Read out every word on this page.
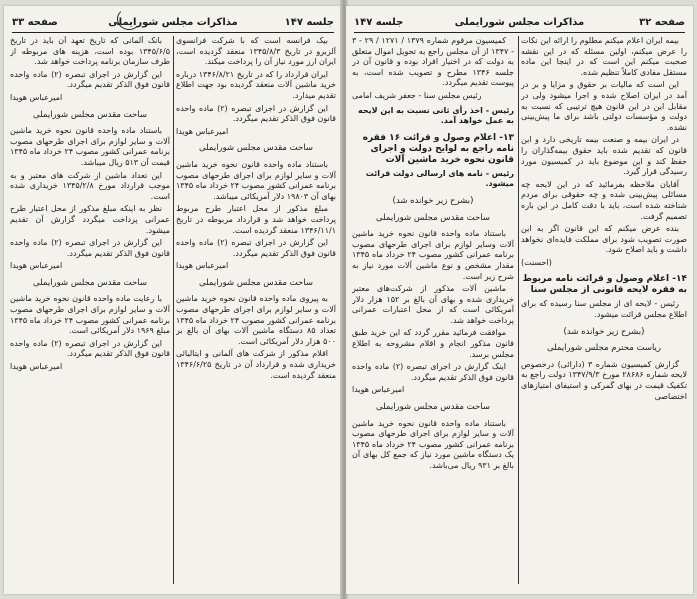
جلسه ۱۴۷
مذاکرات مجلس شورایملی
صفحه ۳۳

بیک فرانسه است که با شرکت فرانسوی آلزبرو در تاریخ ۱۳۴۵/۸/۳ منعقد گردیده است، ایران ارز مورد نیاز آن را پرداخت میکند.

ایران قرارداد را که در تاریخ ۱۳۴۶/۸/۲۱ درباره خرید ماشین آلات منعقد گردیده بود جهت اطلاع تقدیم میدارد.

این گزارش در اجرای تبصره (۲) ماده واحده قانون فوق الذکر تقدیم میگردد.

امیرعباس هویدا

ساحت مقدس مجلس شورایملی

باستناد ماده واحده قانون نحوه خرید ماشین آلات و سایر لوازم برای اجرای طرحهای مصوب برنامه عمرانی کشور مصوب ۲۴ خرداد ماه ۱۳۴۵ بهای آن ۱۹۸۰۳ دلار آمریکائی میباشد.

مبلغ مذکور از محل اعتبار طرح مربوط پرداخت خواهد شد و قرارداد مربوطه در تاریخ ۱۳۴۶/۱۱/۱ منعقد گردیده است.

این گزارش در اجرای تبصره (۲) ماده واحده قانون فوق الذکر تقدیم میگردد.

امیرعباس هویدا

ساحت مقدس مجلس شورایملی

به پیروی ماده واحده قانون نحوه خرید ماشین آلات و سایر لوازم برای اجرای طرحهای مصوب برنامه عمرانی کشور مصوب ۲۴ خرداد ماه ۱۳۴۵ تعداد ۸۵ دستگاه ماشین آلات بهای آن بالغ بر ۵۰۰ هزار دلار آمریکائی است.

اقلام مذکور از شرکت های آلمانی و ایتالیائی خریداری شده و قرارداد آن در تاریخ ۱۳۴۶/۶/۲۵ منعقد گردیده است.

بانک آلمانی که تاریخ تعهد آن باید در تاریخ ۱۳۴۵/۶/۵ بوده است، هزینه های مربوطه از طرف سازمان برنامه پرداخت خواهد شد.

این گزارش در اجرای تبصره (۲) ماده واحده قانون فوق الذکر تقدیم میگردد.

امیرعباس هویدا

ساحت مقدس مجلس شورایملی

باستناد ماده واحده قانون نحوه خرید ماشین آلات و سایر لوازم برای اجرای طرحهای مصوب برنامه عمرانی کشور مصوب ۲۴ خرداد ماه ۱۳۴۵ قیمت آن ۵۱۳ ریال میباشد.

این تعداد ماشین از شرکت های معتبر و به موجب قرارداد مورخ ۱۳۴۵/۲/۸ خریداری شده است.

نظر به اینکه مبلغ مذکور از محل اعتبار طرح عمرانی پرداخت میگردد گزارش آن تقدیم میشود.

این گزارش در اجرای تبصره (۲) ماده واحده قانون فوق الذکر تقدیم میگردد.

امیرعباس هویدا

ساحت مقدس مجلس شورایملی

با رعایت ماده واحده قانون نحوه خرید ماشین آلات و سایر لوازم برای اجرای طرحهای مصوب برنامه عمرانی کشور مصوب ۲۴ خرداد ماه ۱۳۴۵ مبلغ ۱۹۶۹ دلار آمریکائی است.

این گزارش در اجرای تبصره (۲) ماده واحده قانون فوق الذکر تقدیم میگردد.

امیرعباس هویدا

صفحه ۳۲
مذاکرات مجلس شورایملی
جلسه ۱۴۷

بیمه ایران اعلام میکنم مطلوم را ارائه این نکات را عرض میکنم، اولین مسئله که در این نقشه صحبت میکنم این است که در اینجا این ماده مستقل مفادی کاملاً تنظیم شده.

این است که مالیات بر حقوق و مزایا و بر در آمد در ایران اصلاح شده و اجرا میشود ولی در مقابل این در این قانون هیچ ترتیبی که نسبت به دولت و مؤسسات دولتی باشد برای ما پیش‌بینی نشده.

در ایران بیمه و صنعت بیمه تاریخی دارد و این قانون که تقدیم شده باید حقوق بیمه‌گذاران را حفظ کند و این موضوع باید در کمیسیون مورد رسیدگی قرار گیرد.

آقایان ملاحظه بفرمائید که در این لایحه چه مسائلی پیش‌بینی شده و چه حقوقی برای مردم شناخته شده است، باید با دقت کامل در این باره تصمیم گرفت.

بنده عرض میکنم که این قانون اگر به این صورت تصویب شود برای مملکت فایده‌ای نخواهد داشت و باید اصلاح شود.

(احسنت)

۱۴- اعلام وصول و قرائت نامه مربوط به فقره لایحه قانونی از مجلس سنا

رئیس - لایحه ای از مجلس سنا رسیده که برای اطلاع مجلس قرائت میشود.

(بشرح زیر خوانده شد)

ریاست محترم مجلس شورایملی

گزارش کمیسیون شماره ۳ (دارائی) درخصوص لایحه شماره ۲۸۶۸۶ مورخ ۱۳۴۷/۹/۳ دولت راجع به تکفیک قیمت در بهای گمرکی و استیفای امتیازهای اختصاصی

کمیسیون مرقوم شماره ۱۳۷۹ / ۱۲۷۱ / ۲۹ - ۳ - ۱۳۴۷ از آن مجلس راجع به تحویل اموال متعلق به دولت که در اختیار افراد بوده و قانون آن در جلسه ۱۳۴۶ مطرح و تصویب شده است، به پیوست تقدیم میگردد.

رئیس مجلس سنا - جعفر شریف امامی

رئیس - اخذ رأی ثانی نسبت به این لایحه به عمل خواهد آمد.

۱۳- اعلام وصول و قرائت ۱۶ فقره نامه راجع به لوایح دولت و اجرای قانون نحوه خرید ماشین آلات

رئیس - نامه های ارسالی دولت قرائت میشود.

(بشرح زیر خوانده شد)

ساحت مقدس مجلس شورایملی

باستناد ماده واحده قانون نحوه خرید ماشین آلات وسایر لوازم برای اجرای طرحهای مصوب برنامه عمرانی کشور مصوب ۲۴ خرداد ماه ۱۳۴۵ مقدار مشخص و نوع ماشین آلات مورد نیاز به شرح زیر است.

ماشین آلات مذکور از شرکت‌های معتبر خریداری شده و بهای آن بالغ بر ۱۵۲ هزار دلار آمریکائی است که از محل اعتبارات عمرانی پرداخت خواهد شد.

موافقت فرمائید مقرر گردد که این خرید طبق قانون مذکور انجام و اقلام مشروحه به اطلاع مجلس برسد.

اینک گزارش در اجرای تبصره (۲) ماده واحده قانون فوق الذکر تقدیم میگردد.

امیرعباس هویدا

ساحت مقدس مجلس شورایملی

باستناد ماده واحده قانون نحوه خرید ماشین آلات و سایر لوازم برای اجرای طرحهای مصوب برنامه عمرانی کشور مصوب ۲۴ خرداد ماه ۱۳۴۵ یک دستگاه ماشین مورد نیاز که جمع کل بهای آن بالغ بر ۹۳۱ ریال می‌باشد.
